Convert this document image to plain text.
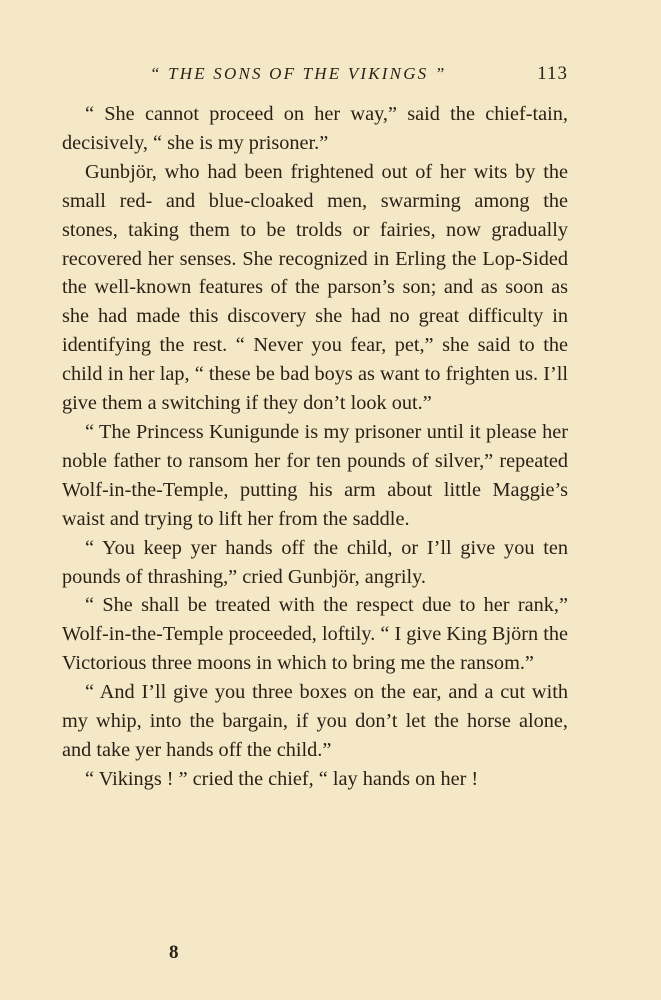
“ THE SONS OF THE VIKINGS ”	113

“ She cannot proceed on her way,” said the chief-tain, decisively, “ she is my prisoner.”

Gunbjör, who had been frightened out of her wits by the small red- and blue-cloaked men, swarming among the stones, taking them to be trolds or fairies, now gradually recovered her senses. She recognized in Erling the Lop-Sided the well-known features of the parson’s son; and as soon as she had made this discovery she had no great difficulty in identifying the rest. “ Never you fear, pet,” she said to the child in her lap, “ these be bad boys as want to frighten us. I’ll give them a switching if they don’t look out.”

“ The Princess Kunigunde is my prisoner until it please her noble father to ransom her for ten pounds of silver,” repeated Wolf-in-the-Temple, putting his arm about little Maggie’s waist and trying to lift her from the saddle.

“ You keep yer hands off the child, or I’ll give you ten pounds of thrashing,” cried Gunbjör, angrily.

“ She shall be treated with the respect due to her rank,” Wolf-in-the-Temple proceeded, loftily. “ I give King Björn the Victorious three moons in which to bring me the ransom.”

“ And I’ll give you three boxes on the ear, and a cut with my whip, into the bargain, if you don’t let the horse alone, and take yer hands off the child.”

“ Vikings ! ” cried the chief, “ lay hands on her !

8
